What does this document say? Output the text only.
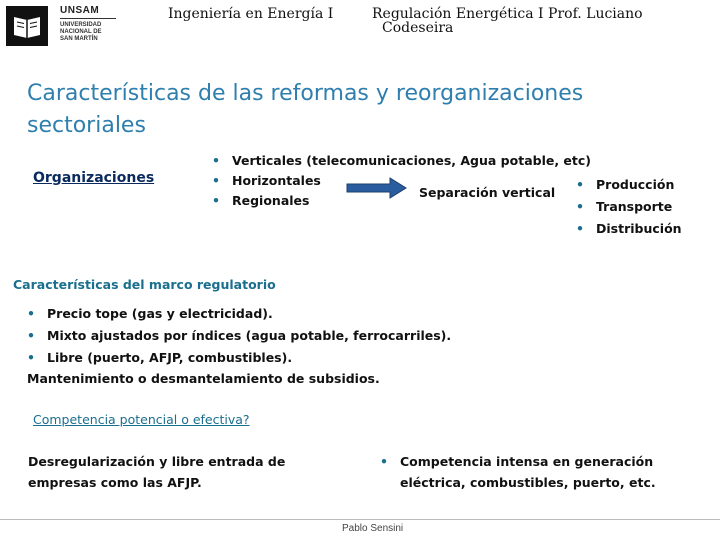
UNSAM
UNIVERSIDAD
NACIONAL DE
SAN MARTÍN
Ingeniería en Energía I	Regulación Energética I Prof. Luciano
Codeseira
Características de las reformas y reorganizaciones sectoriales
Organizaciones
• Verticales (telecomunicaciones, Agua potable, etc)
• Horizontales
• Regionales
Separación vertical
• Producción
• Transporte
• Distribución
Características del marco regulatorio
• Precio tope (gas y electricidad).
• Mixto ajustados por índices (agua potable, ferrocarriles).
• Libre (puerto, AFJP, combustibles).
Mantenimiento o desmantelamiento de subsidios.
Competencia potencial o efectiva?
Desregularización y libre entrada de empresas como las AFJP.
• Competencia intensa en generación eléctrica, combustibles, puerto, etc.
Pablo Sensini
